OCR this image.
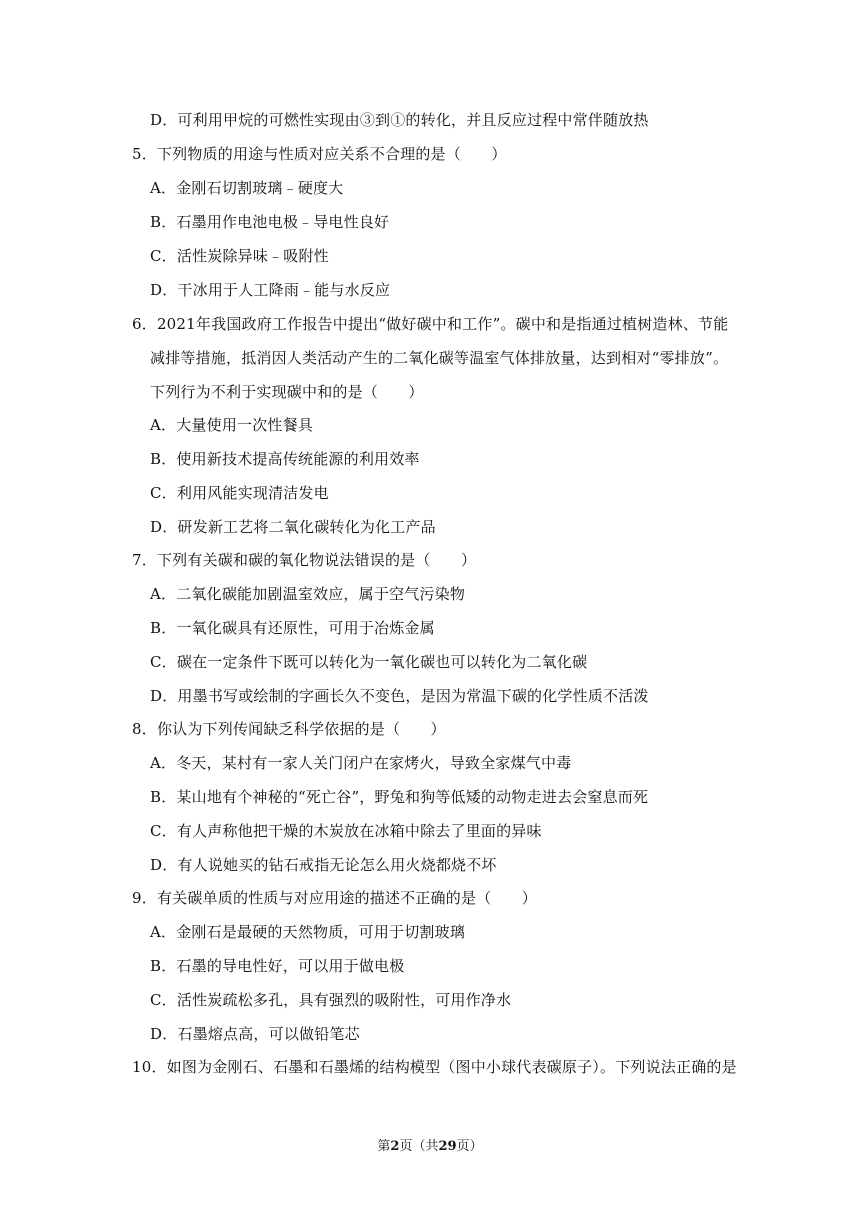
D．可利用甲烷的可燃性实现由③到①的转化，并且反应过程中常伴随放热
5．下列物质的用途与性质对应关系不合理的是（　　）
A．金刚石切割玻璃﹣硬度大
B．石墨用作电池电极﹣导电性良好
C．活性炭除异味﹣吸附性
D．干冰用于人工降雨﹣能与水反应
6．2021年我国政府工作报告中提出“做好碳中和工作”。碳中和是指通过植树造林、节能
减排等措施，抵消因人类活动产生的二氧化碳等温室气体排放量，达到相对“零排放”。
下列行为不利于实现碳中和的是（　　）
A．大量使用一次性餐具
B．使用新技术提高传统能源的利用效率
C．利用风能实现清洁发电
D．研发新工艺将二氧化碳转化为化工产品
7．下列有关碳和碳的氧化物说法错误的是（　　）
A．二氧化碳能加剧温室效应，属于空气污染物
B．一氧化碳具有还原性，可用于冶炼金属
C．碳在一定条件下既可以转化为一氧化碳也可以转化为二氧化碳
D．用墨书写或绘制的字画长久不变色，是因为常温下碳的化学性质不活泼
8．你认为下列传闻缺乏科学依据的是（　　）
A．冬天，某村有一家人关门闭户在家烤火，导致全家煤气中毒
B．某山地有个神秘的“死亡谷”，野兔和狗等低矮的动物走进去会窒息而死
C．有人声称他把干燥的木炭放在冰箱中除去了里面的异味
D．有人说她买的钻石戒指无论怎么用火烧都烧不坏
9．有关碳单质的性质与对应用途的描述不正确的是（　　）
A．金刚石是最硬的天然物质，可用于切割玻璃
B．石墨的导电性好，可以用于做电极
C．活性炭疏松多孔，具有强烈的吸附性，可用作净水
D．石墨熔点高，可以做铅笔芯
10．如图为金刚石、石墨和石墨烯的结构模型（图中小球代表碳原子）。下列说法正确的是
第2页（共29页）
